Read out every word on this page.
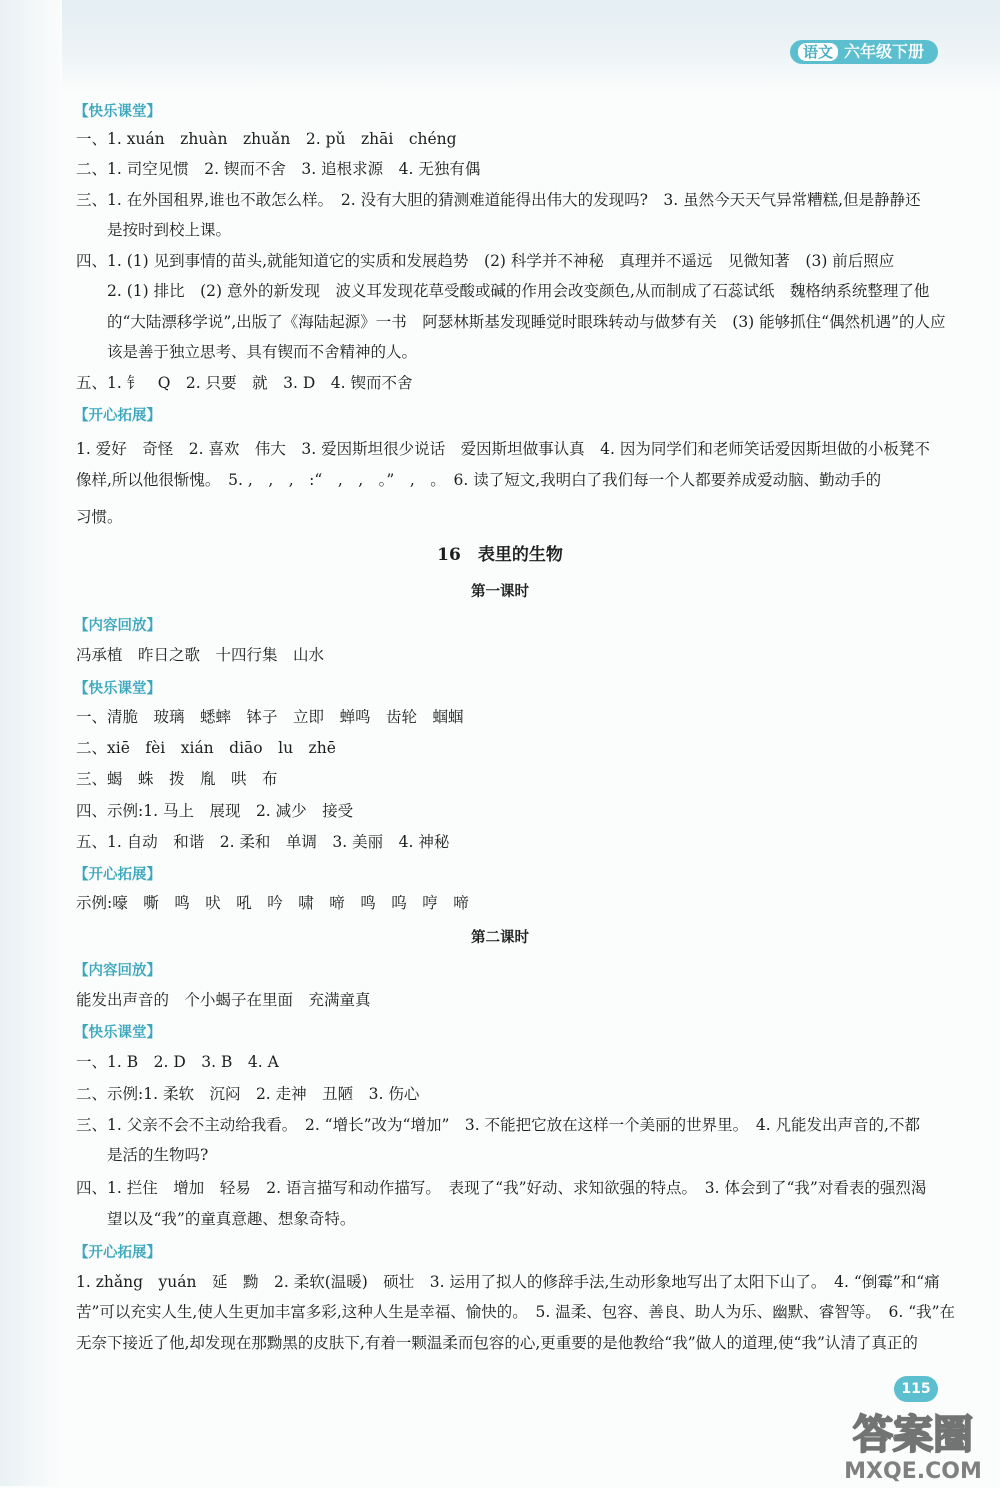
语文 六年级下册
【快乐课堂】
一、1. xuán　zhuàn　zhuǎn　2. pǔ　zhāi　chéng
二、1. 司空见惯　2. 锲而不舍　3. 追根求源　4. 无独有偶
三、1. 在外国租界,谁也不敢怎么样。　2. 没有大胆的猜测难道能得出伟大的发现吗?　3. 虽然今天天气异常糟糕,但是静静还
　　是按时到校上课。
四、1. (1) 见到事情的苗头,就能知道它的实质和发展趋势　(2) 科学并不神秘　真理并不遥远　见微知著　(3) 前后照应
　　2. (1) 排比　(2) 意外的新发现　波义耳发现花草受酸或碱的作用会改变颜色,从而制成了石蕊试纸　魏格纳系统整理了他
　　的“大陆漂移学说”,出版了《海陆起源》一书　阿瑟林斯基发现睡觉时眼珠转动与做梦有关　(3) 能够抓住“偶然机遇”的人应
　　该是善于独立思考、具有锲而不舍精神的人。
五、1. 钅　Q　2. 只要　就　3. D　4. 锲而不舍
【开心拓展】
1. 爱好　奇怪　2. 喜欢　伟大　3. 爱因斯坦很少说话　爱因斯坦做事认真　4. 因为同学们和老师笑话爱因斯坦做的小板凳不
像样,所以他很惭愧。　5. ,　,　,　:“　,　,　。”　,　。　6. 读了短文,我明白了我们每一个人都要养成爱动脑、勤动手的
习惯。
16　表里的生物
第一课时
【内容回放】
冯承植　昨日之歌　十四行集　山水
【快乐课堂】
一、清脆　玻璃　蟋蟀　钵子　立即　蝉鸣　齿轮　蝈蝈
二、xiē　fèi　xián　diāo　lu　zhē
三、蝎　蛛　拨　胤　哄　布
四、示例:1. 马上　展现　2. 减少　接受
五、1. 自动　和谐　2. 柔和　单调　3. 美丽　4. 神秘
【开心拓展】
示例:嚎　嘶　鸣　吠　吼　吟　啸　啼　鸣　呜　哼　啼
第二课时
【内容回放】
能发出声音的　个小蝎子在里面　充满童真
【快乐课堂】
一、1. B　2. D　3. B　4. A
二、示例:1. 柔软　沉闷　2. 走神　丑陋　3. 伤心
三、1. 父亲不会不主动给我看。　2. “增长”改为“增加”　3. 不能把它放在这样一个美丽的世界里。　4. 凡能发出声音的,不都
　　是活的生物吗?
四、1. 拦住　增加　轻易　2. 语言描写和动作描写。　表现了“我”好动、求知欲强的特点。　3. 体会到了“我”对看表的强烈渴
　　望以及“我”的童真意趣、想象奇特。
【开心拓展】
1. zhǎng　yuán　延　黝　2. 柔软(温暖)　硕壮　3. 运用了拟人的修辞手法,生动形象地写出了太阳下山了。　4. “倒霉”和“痛
苦”可以充实人生,使人生更加丰富多彩,这种人生是幸福、愉快的。　5. 温柔、包容、善良、助人为乐、幽默、睿智等。　6. “我”在
无奈下接近了他,却发现在那黝黑的皮肤下,有着一颗温柔而包容的心,更重要的是他教给“我”做人的道理,使“我”认清了真正的
115
答案圈
MXQE.COM
